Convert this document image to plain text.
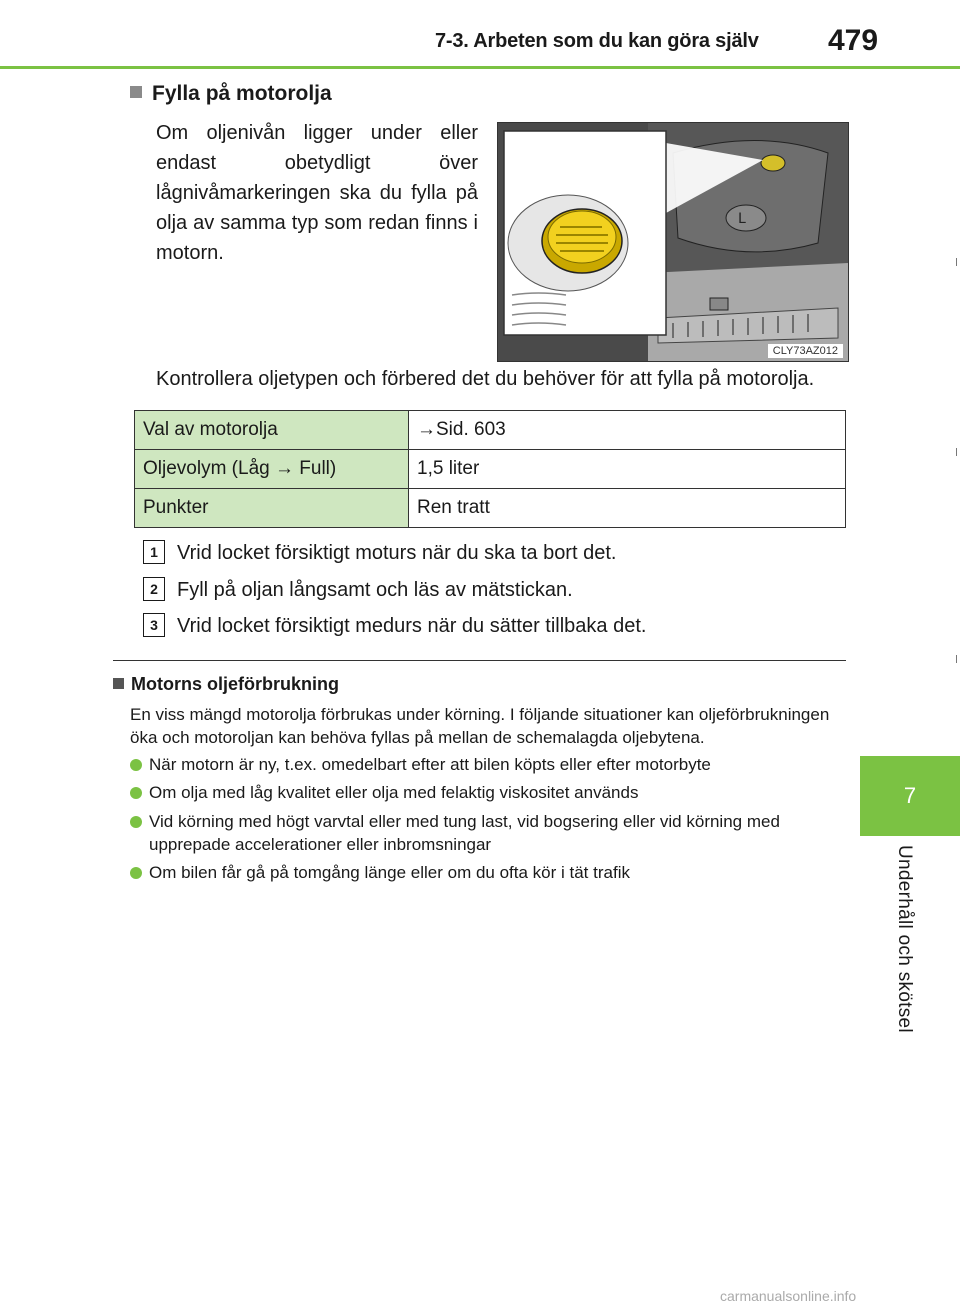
7-3. Arbeten som du kan göra själv 479
7
Underhåll och skötsel
Fylla på motorolja
Om oljenivån ligger under eller endast obetydligt över lågnivåmarkeringen ska du fylla på olja av samma typ som redan finns i motorn.
L
CLY73AZ012
Kontrollera oljetypen och förbered det du behöver för att fylla på motorolja.
Val av motorolja	→Sid. 603
Oljevolym (Låg → Full)	1,5 liter
Punkter	Ren tratt
1 Vrid locket försiktigt moturs när du ska ta bort det.
2 Fyll på oljan långsamt och läs av mätstickan.
3 Vrid locket försiktigt medurs när du sätter tillbaka det.
Motorns oljeförbrukning
En viss mängd motorolja förbrukas under körning. I följande situationer kan oljeförbrukningen öka och motoroljan kan behöva fyllas på mellan de schemalagda oljebytena.
När motorn är ny, t.ex. omedelbart efter att bilen köpts eller efter motorbyte
Om olja med låg kvalitet eller olja med felaktig viskositet används
Vid körning med högt varvtal eller med tung last, vid bogsering eller vid körning med upprepade accelerationer eller inbromsningar
Om bilen får gå på tomgång länge eller om du ofta kör i tät trafik
carmanualsonline.info
